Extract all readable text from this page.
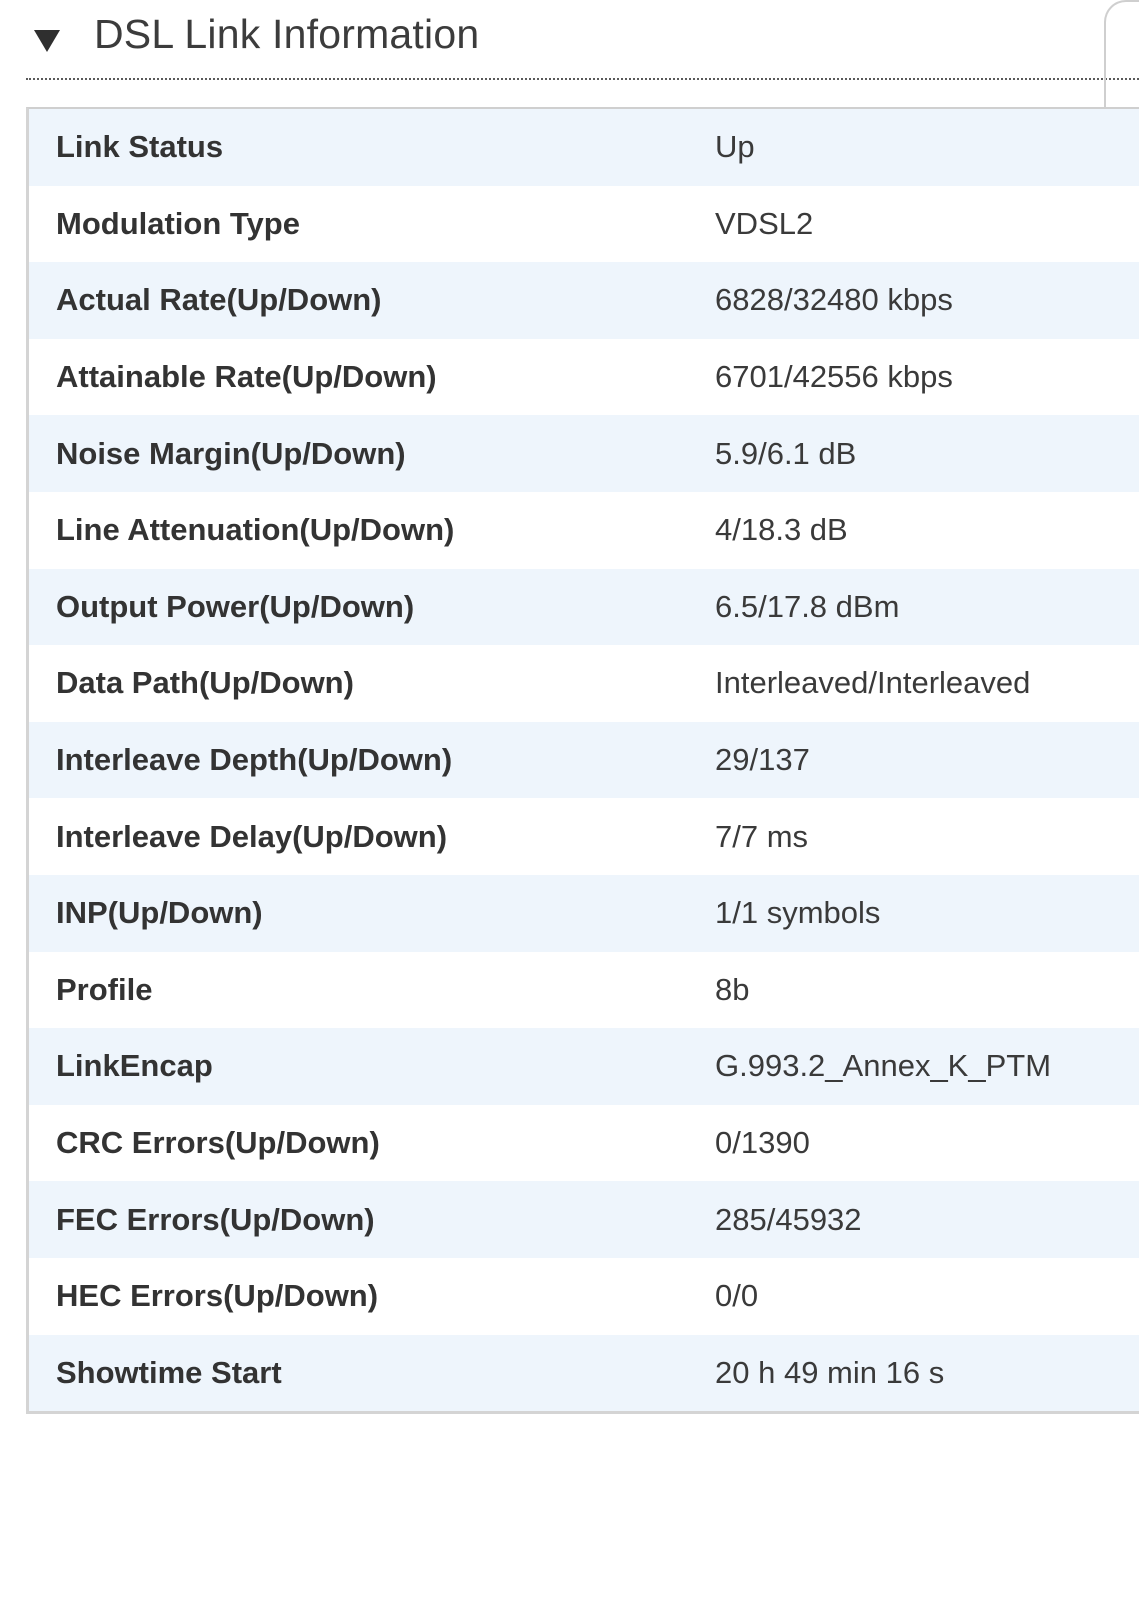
DSL Link Information
Link Status	Up
Modulation Type	VDSL2
Actual Rate(Up/Down)	6828/32480 kbps
Attainable Rate(Up/Down)	6701/42556 kbps
Noise Margin(Up/Down)	5.9/6.1 dB
Line Attenuation(Up/Down)	4/18.3 dB
Output Power(Up/Down)	6.5/17.8 dBm
Data Path(Up/Down)	Interleaved/Interleaved
Interleave Depth(Up/Down)	29/137
Interleave Delay(Up/Down)	7/7 ms
INP(Up/Down)	1/1 symbols
Profile	8b
LinkEncap	G.993.2_Annex_K_PTM
CRC Errors(Up/Down)	0/1390
FEC Errors(Up/Down)	285/45932
HEC Errors(Up/Down)	0/0
Showtime Start	20 h 49 min 16 s
